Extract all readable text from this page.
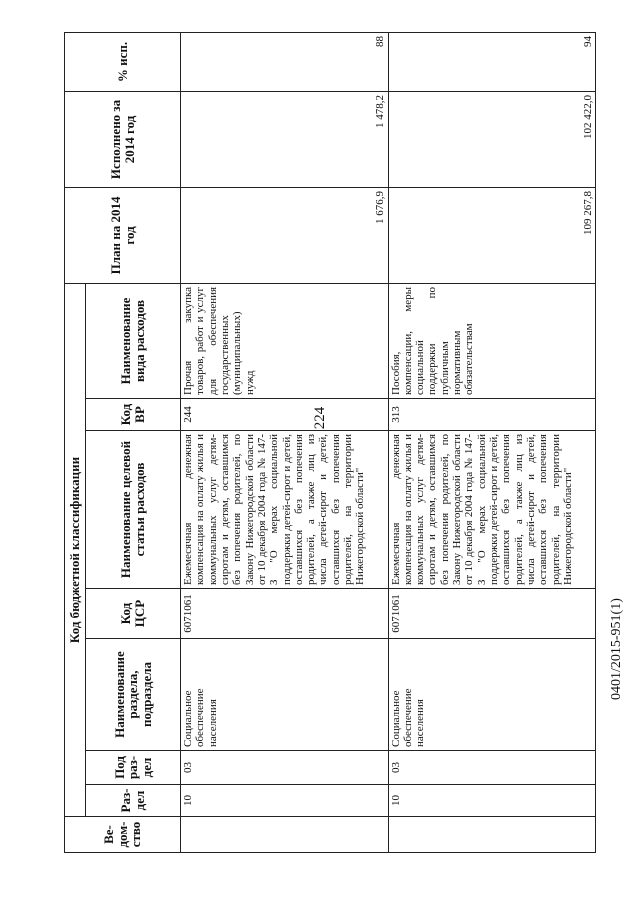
224
0401/2015-951(1)
Ве-дом-ство	Код бюджетной классификации							План на 2014 год	Исполнено за 2014 год	% исп.
	Раз-дел	Под раз-дел	Наименование раздела, подраздела	Код ЦСР	Наименование целевой статьи расходов	Код ВР	Наименование вида расходов			
	10	03	Социальное обеспечение населения	6071061	Ежемесячная денежная компенсация на оплату жилья и коммунальных услуг детям-сиротам и детям, оставшимся без попечения родителей, по Закону Нижегородской области от 10 декабря 2004 года № 147-З "О мерах социальной поддержки детей-сирот и детей, оставшихся без попечения родителей, а также лиц из числа детей-сирот и детей, оставшихся без попечения родителей, на территории Нижегородской области"	244	Прочая закупка товаров, работ и услуг для обеспечения государственных (муниципальных) нужд	1 676,9	1 478,2	88
	10	03	Социальное обеспечение населения	6071061	Ежемесячная денежная компенсация на оплату жилья и коммунальных услуг детям-сиротам и детям, оставшимся без попечения родителей, по Закону Нижегородской области от 10 декабря 2004 года № 147-З "О мерах социальной поддержки детей-сирот и детей, оставшихся без попечения родителей, а также лиц из числа детей-сирот и детей, оставшихся без попечения родителей, на территории Нижегородской области"	313	Пособия, компенсации, меры социальной поддержки по публичным нормативным обязательствам	109 267,8	102 422,0	94
